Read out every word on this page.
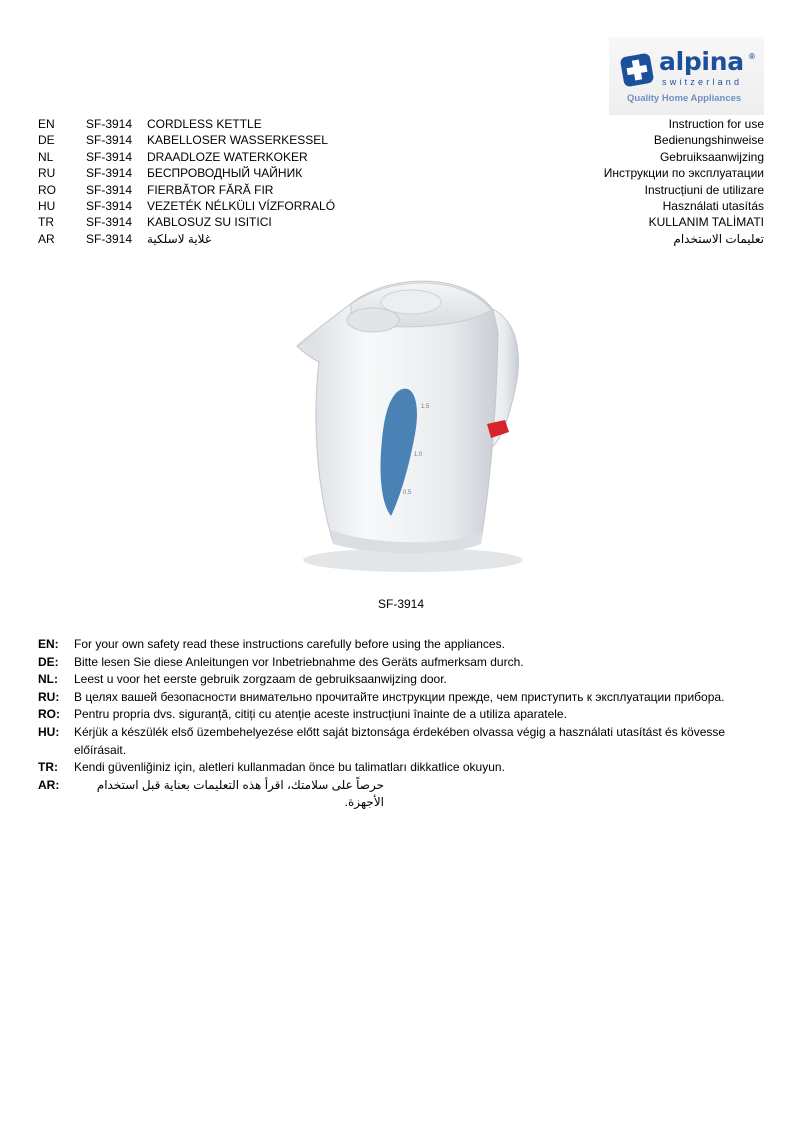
alpina ®
switzerland
Quality Home Appliances
EN	SF-3914 CORDLESS KETTLE	Instruction for use
DE	SF-3914 KABELLOSER WASSERKESSEL	Bedienungshinweise
NL	SF-3914 DRAADLOZE WATERKOKER	Gebruiksaanwijzing
RU	SF-3914 БЕСПРОВОДНЫЙ ЧАЙНИК	Инструкции по эксплуатации
RO	SF-3914 FIERBĂTOR FĂRĂ FIR	Instrucțiuni de utilizare
HU	SF-3914 VEZETÉK NÉLKÜLI VÍZFORRALÓ	Használati utasítás
TR	SF-3914 KABLOSUZ SU ISITICI	KULLANIM TALİMATI
AR	SF-3914 غلاية لاسلكية	تعليمات الاستخدام
1.5
1.0
0.5
SF-3914
EN: For your own safety read these instructions carefully before using the appliances.
DE: Bitte lesen Sie diese Anleitungen vor Inbetriebnahme des Geräts aufmerksam durch.
NL: Leest u voor het eerste gebruik zorgzaam de gebruiksaanwijzing door.
RU: В целях вашей безопасности внимательно прочитайте инструкции прежде, чем приступить к эксплуатации прибора.
RO: Pentru propria dvs. siguranță, citiți cu atenție aceste instrucțiuni înainte de a utiliza aparatele.
HU: Kérjük a készülék első üzembehelyezése előtt saját biztonsága érdekében olvassa végig a használati utasítást és kövesse előírásait.
TR: Kendi güvenliğiniz için, aletleri kullanmadan önce bu talimatları dikkatlice okuyun.
AR:	حرصاً على سلامتك، اقرأ هذه التعليمات بعناية قبل استخدام الأجهزة.
